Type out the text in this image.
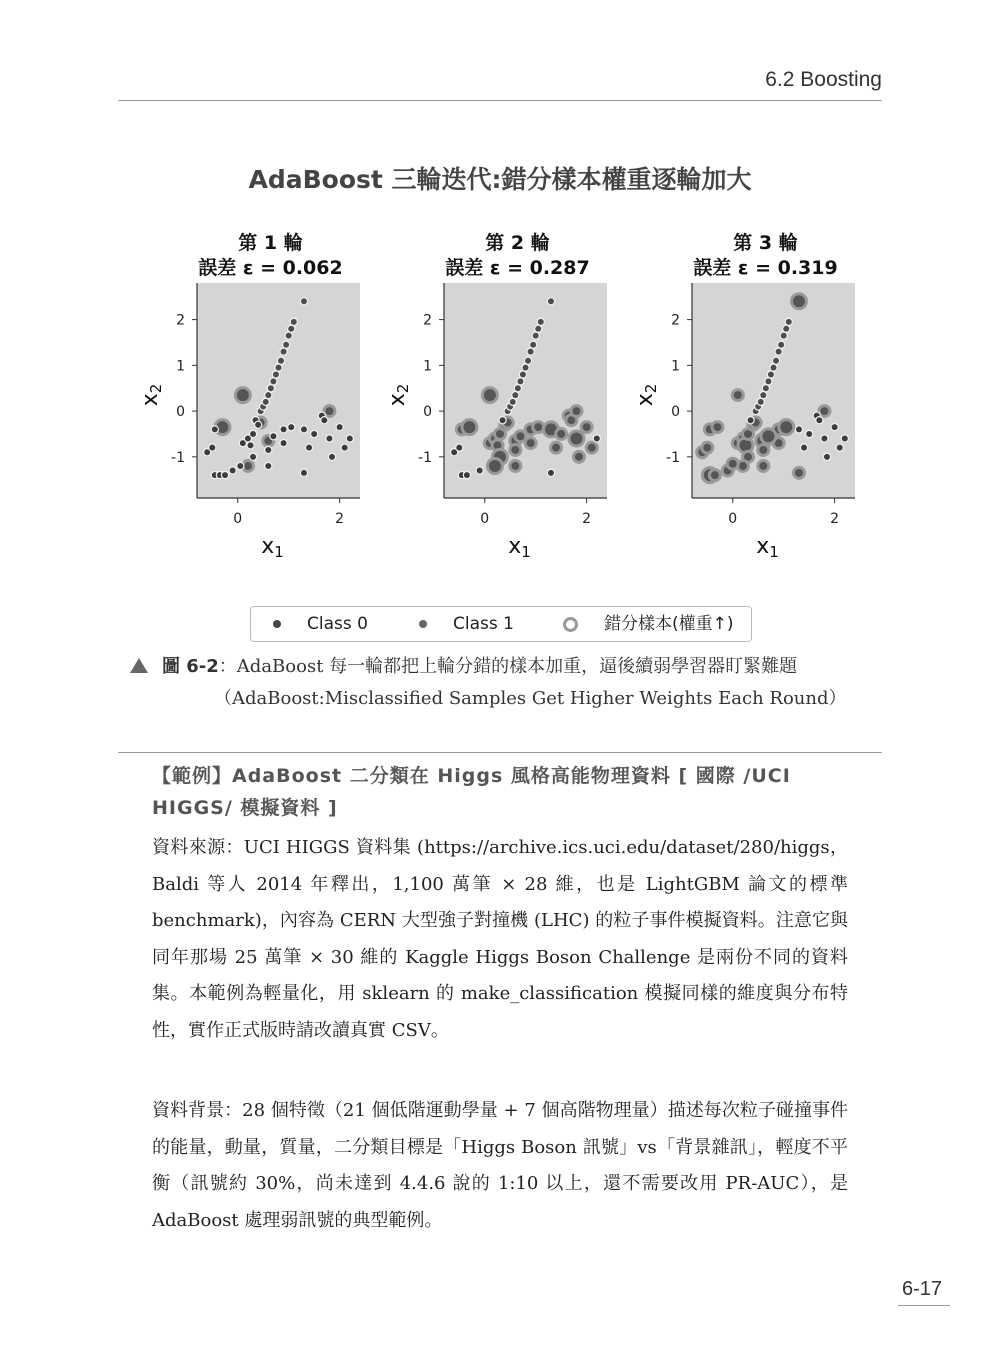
6.2 Boosting
AdaBoost 三輪迭代:錯分樣本權重逐輪加大
第 1 輪
誤差 ε = 0.062
2
1
0
-1
0	2
x1
x2
第 2 輪
誤差 ε = 0.287
2
1
0
-1
0	2
x1
x2
第 3 輪
誤差 ε = 0.319
2
1
0
-1
0	2
x1
x2
Class 0	Class 1	錯分樣本(權重↑)
圖 6-2：AdaBoost 每一輪都把上輪分錯的樣本加重，逼後續弱學習器盯緊難題
（AdaBoost:Misclassified Samples Get Higher Weights Each Round）
【範例】AdaBoost 二分類在 Higgs 風格高能物理資料 [ 國際 /UCI HIGGS/ 模擬資料 ]
資料來源：UCI HIGGS 資料集 (https://archive.ics.uci.edu/dataset/280/higgs，Baldi 等人 2014 年釋出，1,100 萬筆 × 28 維，也是 LightGBM 論文的標準 benchmark)，內容為 CERN 大型強子對撞機 (LHC) 的粒子事件模擬資料。注意它與同年那場 25 萬筆 × 30 維的 Kaggle Higgs Boson Challenge 是兩份不同的資料集。本範例為輕量化，用 sklearn 的 make_classification 模擬同樣的維度與分布特性，實作正式版時請改讀真實 CSV。
資料背景：28 個特徵（21 個低階運動學量 + 7 個高階物理量）描述每次粒子碰撞事件的能量，動量，質量，二分類目標是「Higgs Boson 訊號」vs「背景雜訊」，輕度不平衡（訊號約 30%，尚未達到 4.4.6 說的 1:10 以上，還不需要改用 PR-AUC），是 AdaBoost 處理弱訊號的典型範例。
6-17
